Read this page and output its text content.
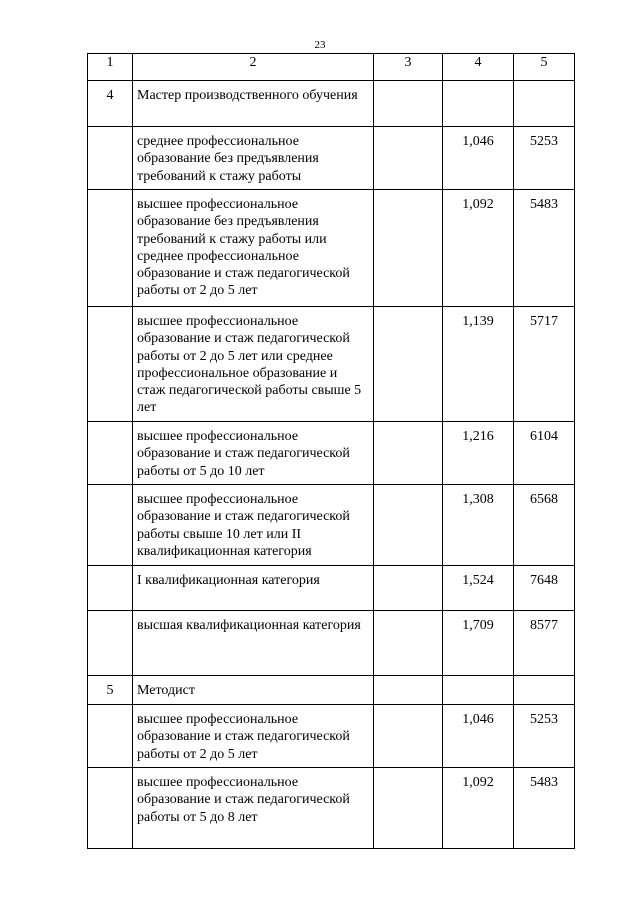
23
1	2	3	4	5
4	Мастер производственного обучения			
	среднее профессиональное образование без предъявления требований к стажу работы		1,046	5253
	высшее профессиональное образование без предъявления требований к стажу работы или среднее профессиональное образование и стаж педагогической работы от 2 до 5 лет		1,092	5483
	высшее профессиональное образование и стаж педагогической работы от 2 до 5 лет или среднее профессиональное образование и стаж педагогической работы свыше 5 лет		1,139	5717
	высшее профессиональное образование и стаж педагогической работы от 5 до 10 лет		1,216	6104
	высшее профессиональное образование и стаж педагогической работы свыше 10 лет или II квалификационная категория		1,308	6568
	I квалификационная категория		1,524	7648
	высшая квалификационная категория		1,709	8577
5	Методист			
	высшее профессиональное образование и стаж педагогической работы от 2 до 5 лет		1,046	5253
	высшее профессиональное образование и стаж педагогической работы от 5 до 8 лет		1,092	5483
